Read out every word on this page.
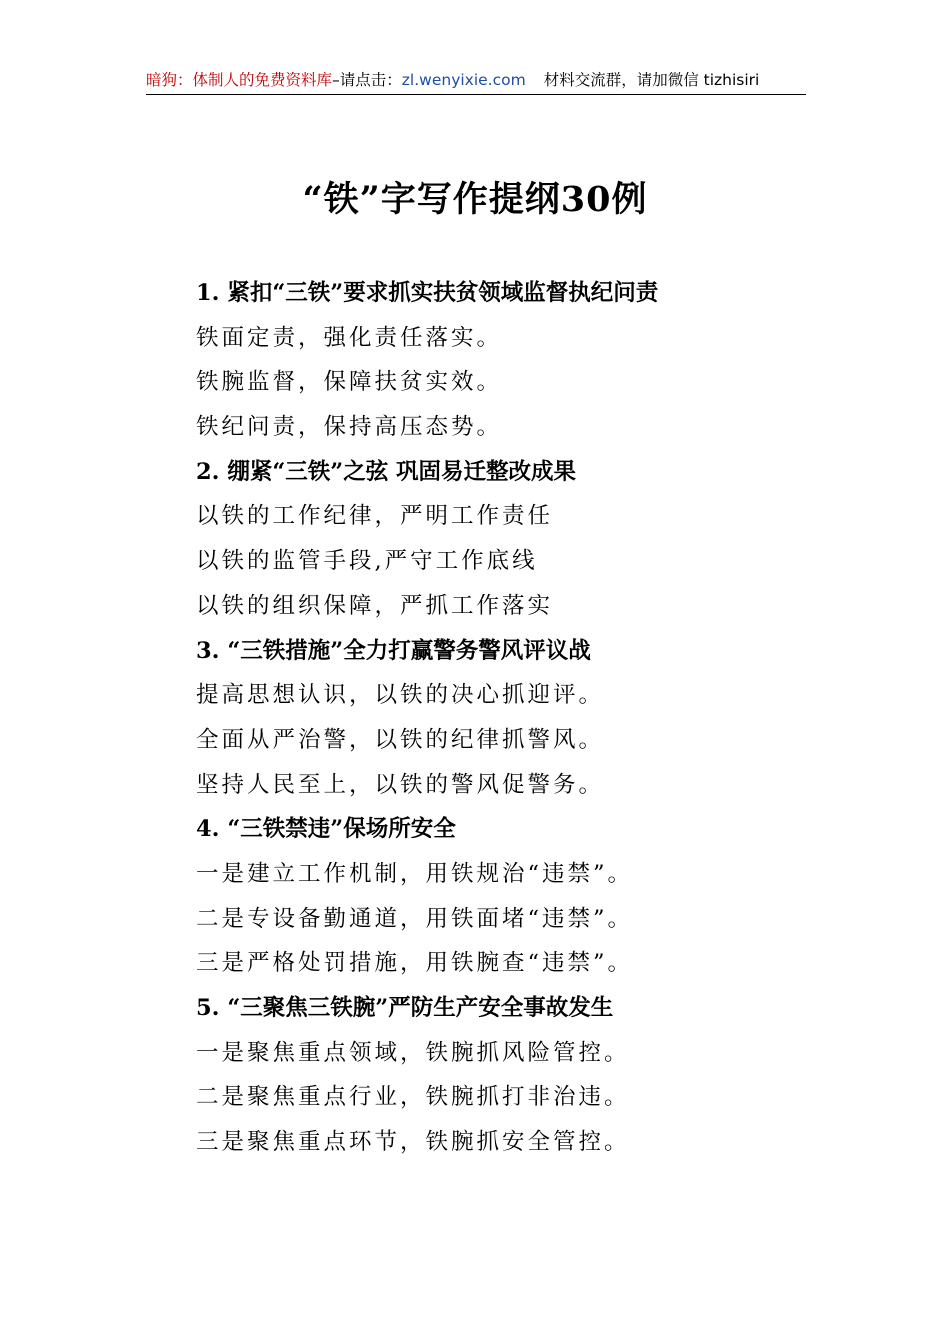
暗狗：体制人的免费资料库–请点击：zl.wenyixie.com 材料交流群，请加微信 tizhisiri
“铁”字写作提纲30例
1. 紧扣“三铁”要求抓实扶贫领域监督执纪问责
铁面定责，强化责任落实。
铁腕监督，保障扶贫实效。
铁纪问责，保持高压态势。
2. 绷紧“三铁”之弦 巩固易迁整改成果
以铁的工作纪律，严明工作责任
以铁的监管手段,严守工作底线
以铁的组织保障，严抓工作落实
3. “三铁措施”全力打赢警务警风评议战
提高思想认识，以铁的决心抓迎评。
全面从严治警，以铁的纪律抓警风。
坚持人民至上，以铁的警风促警务。
4. “三铁禁违”保场所安全
一是建立工作机制，用铁规治“违禁”。
二是专设备勤通道，用铁面堵“违禁”。
三是严格处罚措施，用铁腕查“违禁”。
5. “三聚焦三铁腕”严防生产安全事故发生
一是聚焦重点领域，铁腕抓风险管控。
二是聚焦重点行业，铁腕抓打非治违。
三是聚焦重点环节，铁腕抓安全管控。
